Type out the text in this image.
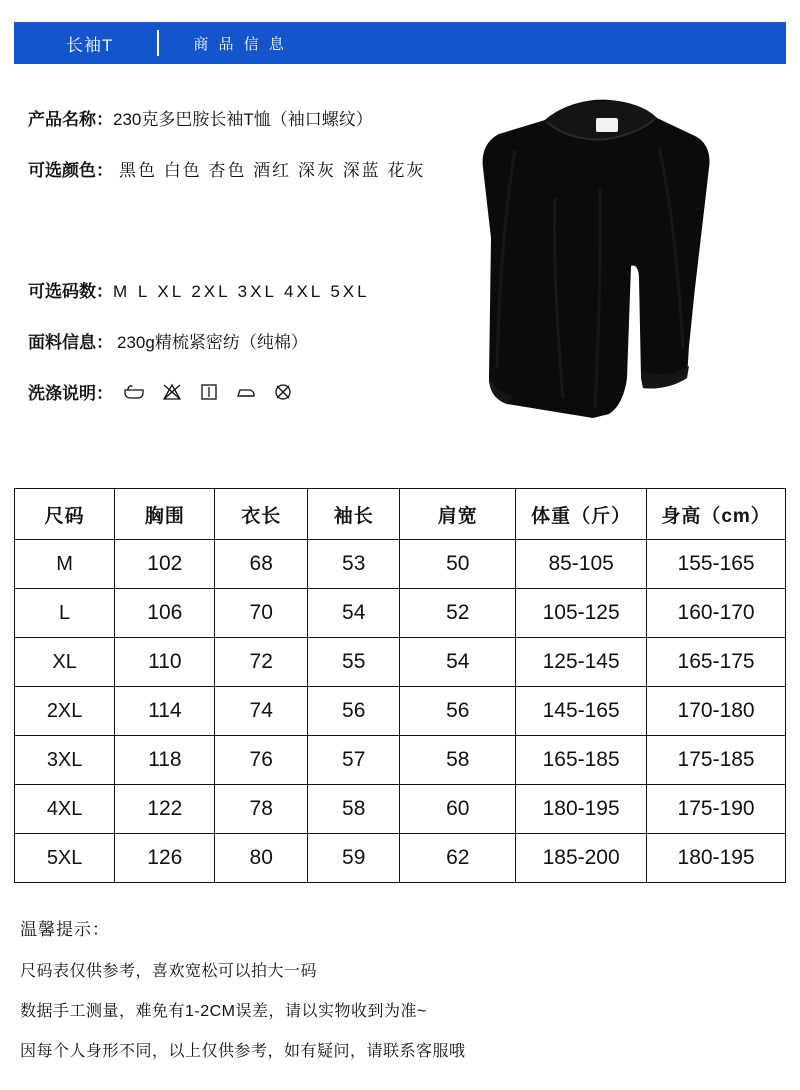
长袖T	商 品 信 息
产品名称： 230克多巴胺长袖T恤（袖口螺纹）
可选颜色： 黑色 白色 杏色 酒红 深灰 深蓝 花灰
可选码数： M L XL 2XL 3XL 4XL 5XL
面料信息： 230g精梳紧密纺（纯棉）
洗涤说明：
尺码	胸围	衣长	袖长	肩宽	体重（斤）	身高（cm）
M	102	68	53	50	85-105	155-165
L	106	70	54	52	105-125	160-170
XL	110	72	55	54	125-145	165-175
2XL	114	74	56	56	145-165	170-180
3XL	118	76	57	58	165-185	175-185
4XL	122	78	58	60	180-195	175-190
5XL	126	80	59	62	185-200	180-195
温馨提示：
尺码表仅供参考，喜欢宽松可以拍大一码
数据手工测量，难免有1-2CM误差，请以实物收到为准~
因每个人身形不同，以上仅供参考，如有疑问，请联系客服哦
